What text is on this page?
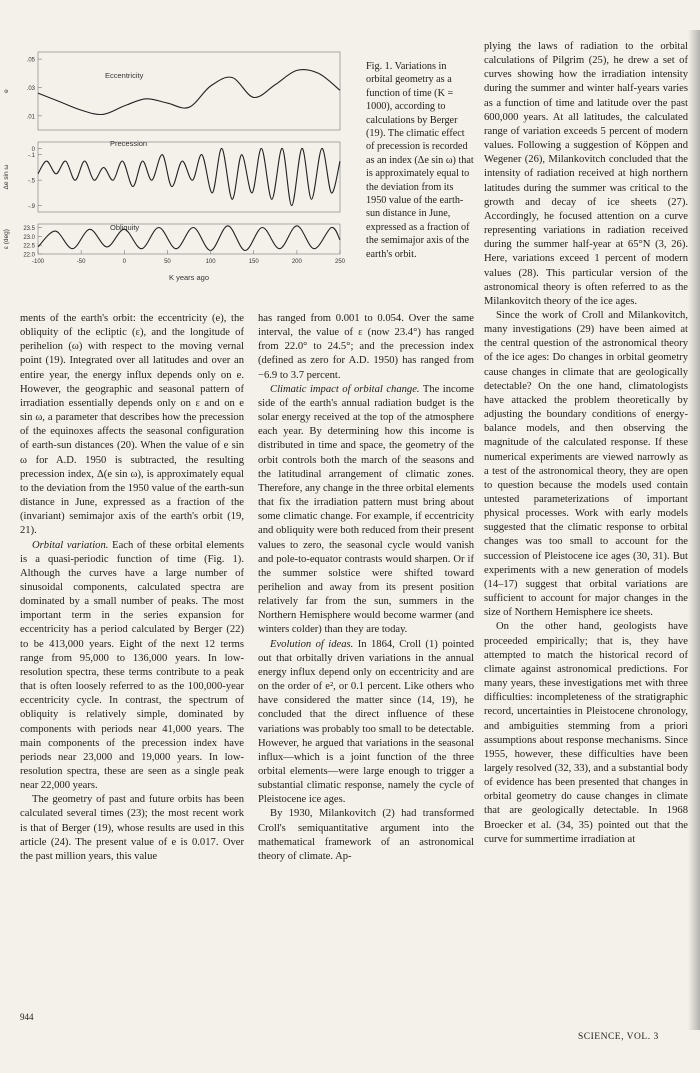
.05
.03
.01
e
Eccentricity
0
-.1
-.5
-.9
Δe sin ω
Precession
23.5
23.0
22.5
22.0
ε (deg)
Obliquity
-100	-50	0	50	100	150	200	250
K years ago
Fig. 1. Variations in orbital geometry as a function of time (K = 1000), according to calculations by Berger (19). The climatic effect of precession is recorded as an index (Δe sin ω) that is approximately equal to the deviation from its 1950 value of the earth-sun distance in June, expressed as a fraction of the semimajor axis of the earth's orbit.

ments of the earth's orbit: the eccentricity (e), the obliquity of the ecliptic (ε), and the longitude of perihelion (ω) with respect to the moving vernal point (19). Integrated over all latitudes and over an entire year, the energy influx depends only on e. However, the geographic and seasonal pattern of irradiation essentially depends only on ε and on e sin ω, a parameter that describes how the precession of the equinoxes affects the seasonal configuration of earth-sun distances (20). When the value of e sin ω for A.D. 1950 is subtracted, the resulting precession index, Δ(e sin ω), is approximately equal to the deviation from the 1950 value of the earth-sun distance in June, expressed as a fraction of the (invariant) semimajor axis of the earth's orbit (19, 21).

Orbital variation. Each of these orbital elements is a quasi-periodic function of time (Fig. 1). Although the curves have a large number of sinusoidal components, calculated spectra are dominated by a small number of peaks. The most important term in the series expansion for eccentricity has a period calculated by Berger (22) to be 413,000 years. Eight of the next 12 terms range from 95,000 to 136,000 years. In low-resolution spectra, these terms contribute to a peak that is often loosely referred to as the 100,000-year eccentricity cycle. In contrast, the spectrum of obliquity is relatively simple, dominated by components with periods near 41,000 years. The main components of the precession index have periods near 23,000 and 19,000 years. In low-resolution spectra, these are seen as a single peak near 22,000 years.

The geometry of past and future orbits has been calculated several times (23); the most recent work is that of Berger (19), whose results are used in this article (24). The present value of e is 0.017. Over the past million years, this value

has ranged from 0.001 to 0.054. Over the same interval, the value of ε (now 23.4°) has ranged from 22.0° to 24.5°; and the precession index (defined as zero for A.D. 1950) has ranged from −6.9 to 3.7 percent.

Climatic impact of orbital change. The income side of the earth's annual radiation budget is the solar energy received at the top of the atmosphere each year. By determining how this income is distributed in time and space, the geometry of the orbit controls both the march of the seasons and the latitudinal arrangement of climatic zones. Therefore, any change in the three orbital elements that fix the irradiation pattern must bring about some climatic change. For example, if eccentricity and obliquity were both reduced from their present values to zero, the seasonal cycle would vanish and pole-to-equator contrasts would sharpen. Or if the summer solstice were shifted toward perihelion and away from its present position relatively far from the sun, summers in the Northern Hemisphere would become warmer (and winters colder) than they are today.

Evolution of ideas. In 1864, Croll (1) pointed out that orbitally driven variations in the annual energy influx depend only on eccentricity and are on the order of e², or 0.1 percent. Like others who have considered the matter since (14, 19), he concluded that the direct influence of these variations was probably too small to be detectable. However, he argued that variations in the seasonal influx—which is a joint function of the three orbital elements—were large enough to trigger a substantial climatic response, namely the cycle of Pleistocene ice ages.

By 1930, Milankovitch (2) had transformed Croll's semiquantitative argument into the mathematical framework of an astronomical theory of climate. Ap-

plying the laws of radiation to the orbital calculations of Pilgrim (25), he drew a set of curves showing how the irradiation intensity during the summer and winter half-years varies as a function of time and latitude over the past 600,000 years. At all latitudes, the calculated range of variation exceeds 5 percent of modern values. Following a suggestion of Köppen and Wegener (26), Milankovitch concluded that the intensity of radiation received at high northern latitudes during the summer was critical to the growth and decay of ice sheets (27). Accordingly, he focused attention on a curve representing variations in radiation received during the summer half-year at 65°N (3, 26). Here, variations exceed 1 percent of modern values (28). This particular version of the astronomical theory is often referred to as the Milankovitch theory of the ice ages.

Since the work of Croll and Milankovitch, many investigations (29) have been aimed at the central question of the astronomical theory of the ice ages: Do changes in orbital geometry cause changes in climate that are geologically detectable? On the one hand, climatologists have attacked the problem theoretically by adjusting the boundary conditions of energy-balance models, and then observing the magnitude of the calculated response. If these numerical experiments are viewed narrowly as a test of the astronomical theory, they are open to question because the models used contain untested parameterizations of important physical processes. Work with early models suggested that the climatic response to orbital changes was too small to account for the succession of Pleistocene ice ages (30, 31). But experiments with a new generation of models (14–17) suggest that orbital variations are sufficient to account for major changes in the size of Northern Hemisphere ice sheets.

On the other hand, geologists have proceeded empirically; that is, they have attempted to match the historical record of climate against astronomical predictions. For many years, these investigations met with three difficulties: incompleteness of the stratigraphic record, uncertainties in Pleistocene chronology, and ambiguities stemming from a priori assumptions about response mechanisms. Since 1955, however, these difficulties have been largely resolved (32, 33), and a substantial body of evidence has been presented that changes in orbital geometry do cause changes in climate that are geologically detectable. In 1968 Broecker et al. (34, 35) pointed out that the curve for summertime irradiation at

944
SCIENCE, VOL. 3
